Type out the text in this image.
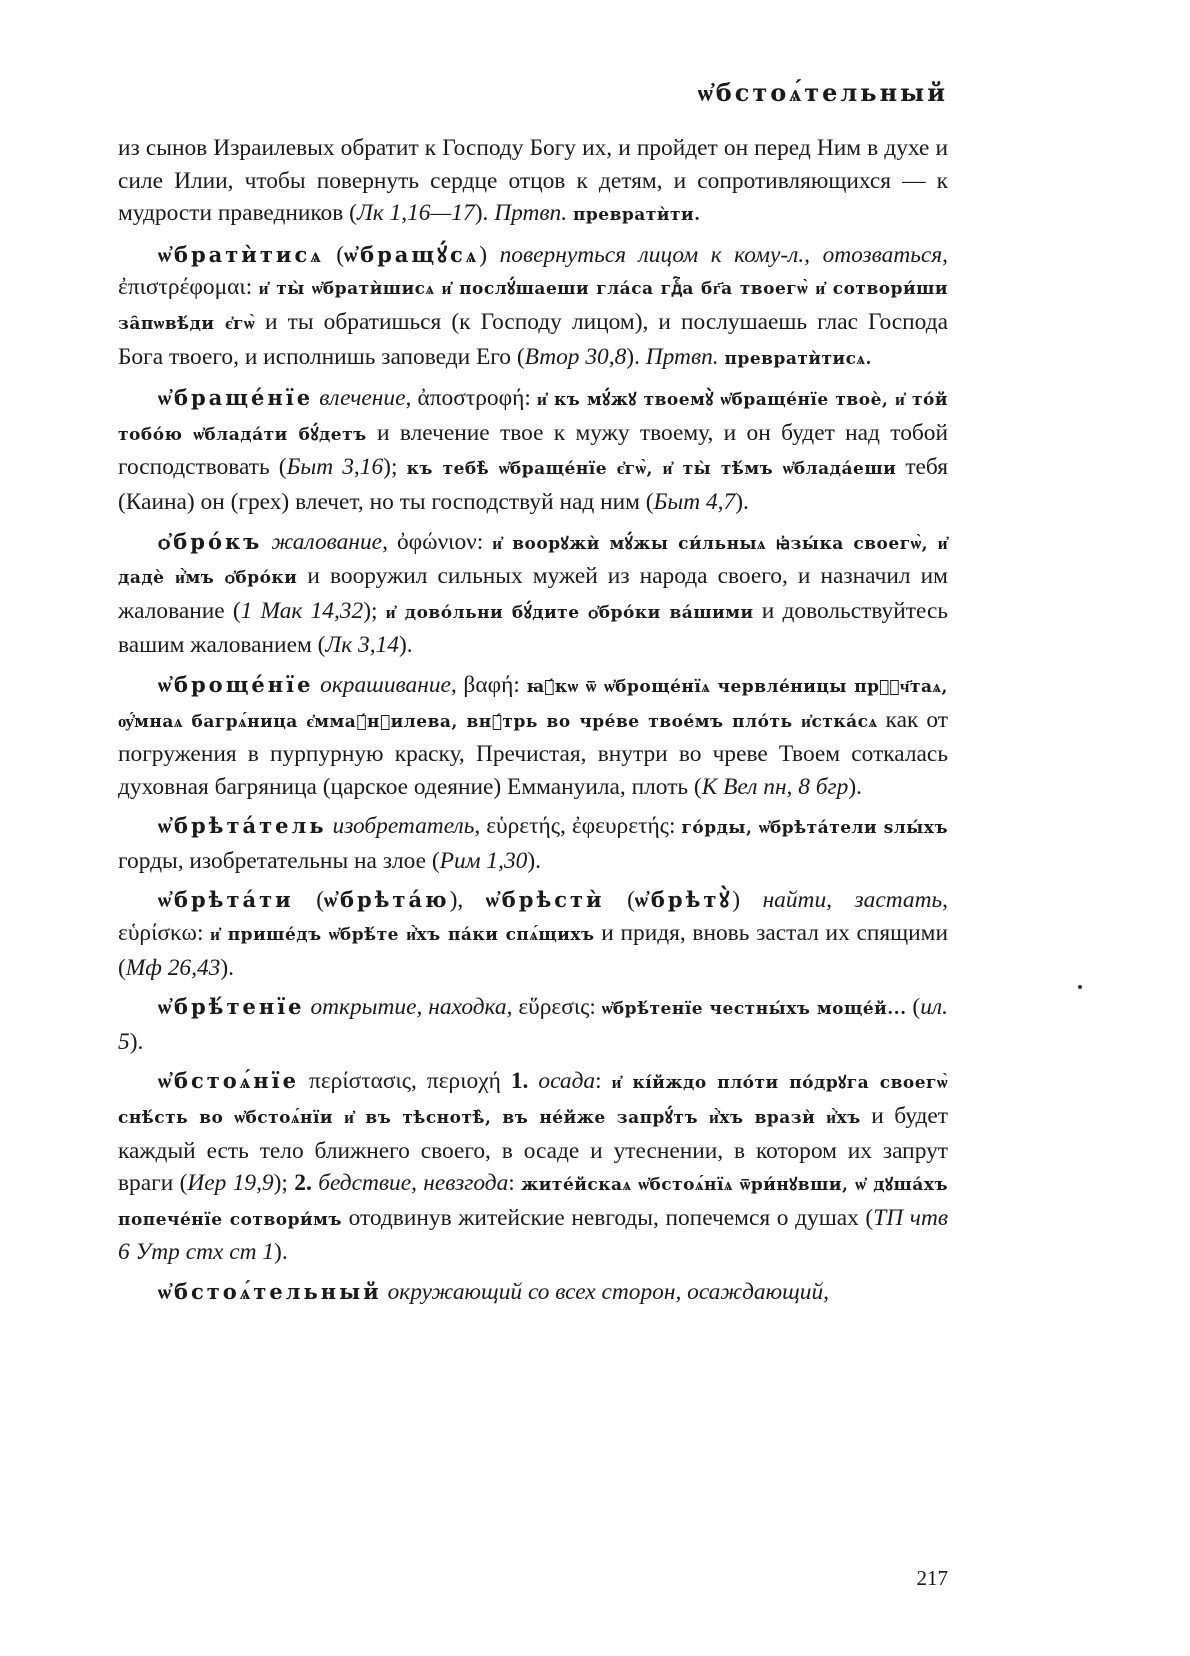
ѡ҆бстоѧ́тельный

из сынов Израилевых обратит к Господу Богу их, и пройдет он перед Ним в духе и силе Илии, чтобы повернуть сердце отцов к детям, и сопротивляющихся — к мудрости праведников (Лк 1,16—17). Пртвп. превратѝти.

ѡ҆братѝтисѧ (ѡ҆бращꙋ́сѧ) повернуться лицом к кому-л., отозваться, ἐπιστρέφομαι: и҆ ты̀ ѡ҆братѝшисѧ и҆ послꙋ́шаеши гла́са гдⷭ҇а бг҃а твоегѡ̀ и҆ сотвори́ши за̑пѡвѣ́ди є҆гѡ̀ и ты обратишься (к Господу лицом), и послушаешь глас Господа Бога твоего, и исполнишь заповеди Его (Втор 30,8). Пртвп. превратѝтисѧ.

ѡ҆браще́нїе влечение, ἀποστροφή: и҆ къ мꙋ́жꙋ твоемꙋ̀ ѡ҆браще́нїе твоѐ, и҆ то́й тобо́ю ѡ҆блада́ти бꙋ́детъ и влечение твое к мужу твоему, и он будет над тобой господствовать (Быт 3,16); къ тебѣ̀ ѡ҆браще́нїе є҆гѡ̀, и҆ ты̀ тѣ́мъ ѡ҆блада́еши тебя (Каина) он (грех) влечет, но ты господствуй над ним (Быт 4,7).

ѻ҆бро́къ жалование, ὀφώνιον: и҆ воорꙋжѝ мꙋ́жы си́льныѧ ꙗ҆зы́ка своегѡ̀, и҆ дадѐ и҆̀мъ ѻ҆бро́ки и вооружил сильных мужей из народа своего, и назначил им жалование (1 Мак 14,32); и҆ дово́льни бꙋ́дите ѻ҆бро́ки ва́шими и довольствуйтесь вашим жалованием (Лк 3,14).

ѡ҆броще́нїе окрашивание, βαφή: ꙗ҆́кѡ ѿ ѡ҆броще́нїѧ червле́ницы прⷭ҇ч҃таѧ, ѹ҆́мнаѧ багрѧ́ница є҆ммаꙋ́нꙋилева, внꙋ́трь во чре́ве твое́мъ пло́ть и҆стка́сѧ как от погружения в пурпурную краску, Пречистая, внутри во чреве Твоем соткалась духовная багряница (царское одеяние) Еммануила, плоть (К Вел пн, 8 бгр).

ѡ҆брѣта́тель изобретатель, εὑρετής, ἐφευρετής: го́рды, ѡ҆брѣта́тели ѕлы́хъ горды, изобретательны на злое (Рим 1,30).

ѡ҆брѣта́ти (ѡ҆брѣта́ю), ѡ҆брѣстѝ (ѡ҆брѣтꙋ̀) найти, застать, εὑρίσκω: и҆ прише́дъ ѡ҆брѣ́те и҆̀хъ па́ки спѧ́щихъ и придя, вновь застал их спящими (Мф 26,43).

ѡ҆брѣ́тенїе открытие, находка, εὕρεσις: ѡ҆брѣ́тенїе честны́хъ моще́й... (ил. 5).

ѡ҆бстоѧ́нїе περίστασις, περιοχή 1. осада: и҆ кі́йждо пло́ти по́дрꙋга своегѡ̀ снѣ́сть во ѡ҆бстоѧ́нїи и҆ въ тѣснотѣ̀, въ не́йже запрꙋ́тъ и҆̀хъ вразѝ и҆̀хъ и будет каждый есть тело ближнего своего, в осаде и утеснении, в котором их запрут враги (Иер 19,9); 2. бедствие, невзгода: жите́йскаѧ ѡ҆бстоѧ́нїѧ ѿри́нꙋвши, ѡ҆ дꙋша́хъ попече́нїе сотвори́мъ отодвинув житейские невгоды, попечемся о душах (ТП чтв 6 Утр стх ст 1).

ѡ҆бстоѧ́тельный окружающий со всех сторон, осаждающий,

217
